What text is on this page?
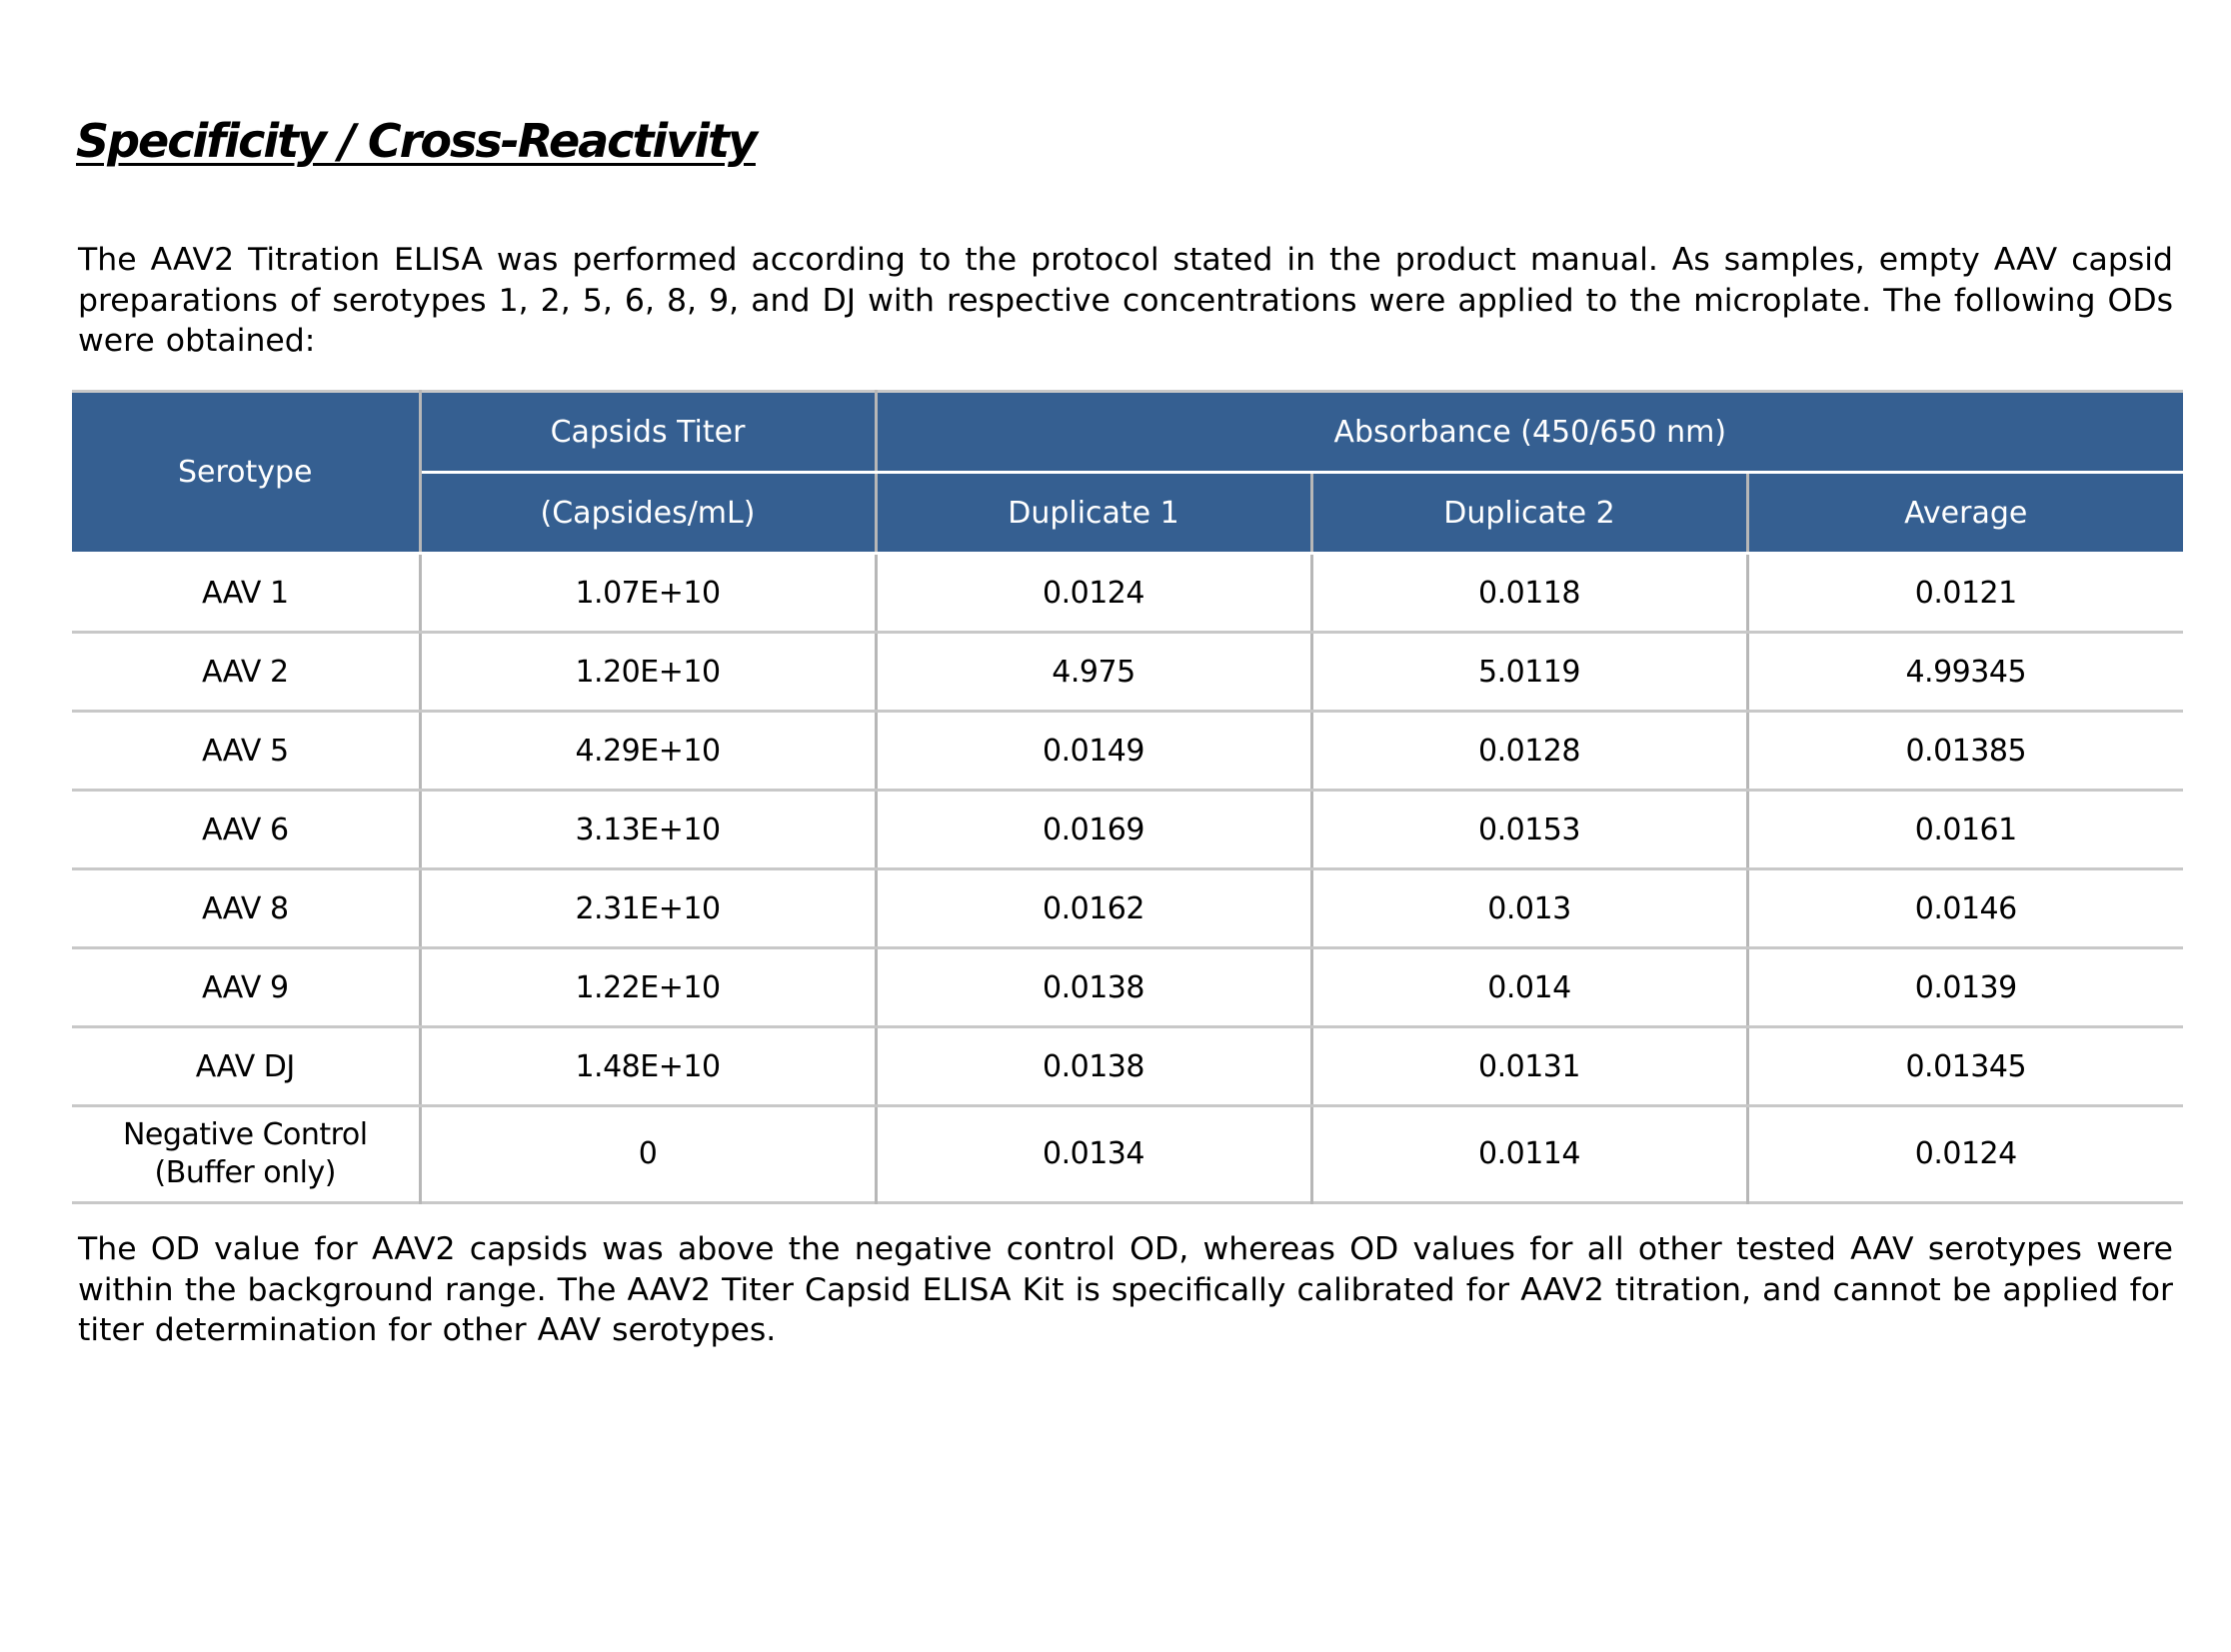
Specificity / Cross-Reactivity

The AAV2 Titration ELISA was performed according to the protocol stated in the product manual. As samples, empty AAV capsid preparations of serotypes 1, 2, 5, 6, 8, 9, and DJ with respective concentrations were applied to the microplate. The following ODs were obtained:

Serotype	Capsids Titer	Absorbance (450/650 nm)		
	(Capsides/mL)	Duplicate 1	Duplicate 2	Average
AAV 1	1.07E+10	0.0124	0.0118	0.0121
AAV 2	1.20E+10	4.975	5.0119	4.99345
AAV 5	4.29E+10	0.0149	0.0128	0.01385
AAV 6	3.13E+10	0.0169	0.0153	0.0161
AAV 8	2.31E+10	0.0162	0.013	0.0146
AAV 9	1.22E+10	0.0138	0.014	0.0139
AAV DJ	1.48E+10	0.0138	0.0131	0.01345

Negative Control
(Buffer only)	0	0.0134	0.0114	0.0124

The OD value for AAV2 capsids was above the negative control OD, whereas OD values for all other tested AAV serotypes were within the background range. The AAV2 Titer Capsid ELISA Kit is specifically calibrated for AAV2 titration, and cannot be applied for titer determination for other AAV serotypes.
